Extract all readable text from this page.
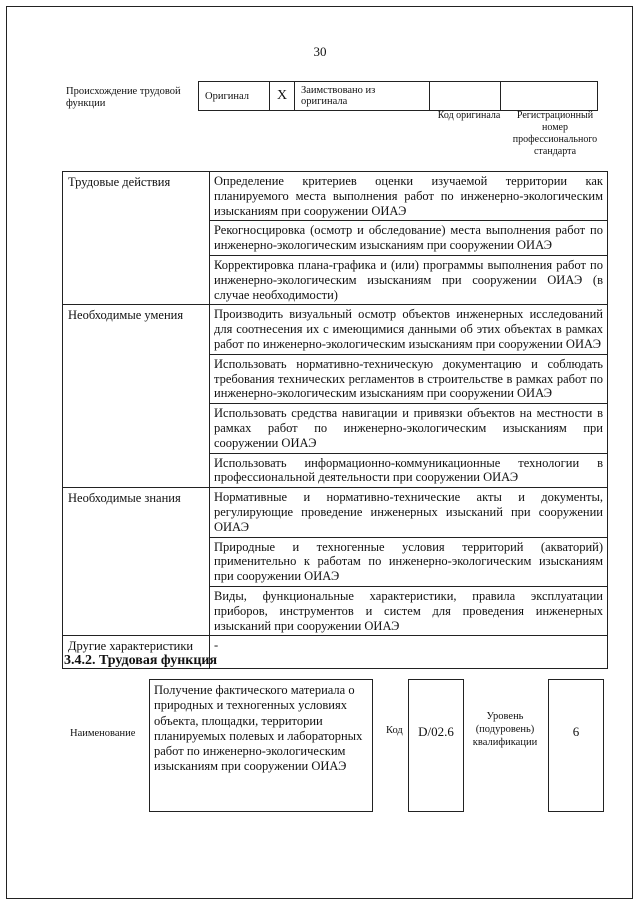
30
Происхождение трудовой функции
Оригинал	X	Заимствовано из оригинала		
Код оригинала	Регистрационный номер профессионального стандарта
Трудовые действия	Определение критериев оценки изучаемой территории как планируемого места выполнения работ по инженерно-экологическим изысканиям при сооружении ОИАЭ
	Рекогносцировка (осмотр и обследование) места выполнения работ по инженерно-экологическим изысканиям при сооружении ОИАЭ
	Корректировка плана-графика и (или) программы выполнения работ по инженерно-экологическим изысканиям при сооружении ОИАЭ (в случае необходимости)
Необходимые умения	Производить визуальный осмотр объектов инженерных исследований для соотнесения их с имеющимися данными об этих объектах в рамках работ по инженерно-экологическим изысканиям при сооружении ОИАЭ
	Использовать нормативно-техническую документацию и соблюдать требования технических регламентов в строительстве в рамках работ по инженерно-экологическим изысканиям при сооружении ОИАЭ
	Использовать средства навигации и привязки объектов на местности в рамках работ по инженерно-экологическим изысканиям при сооружении ОИАЭ
	Использовать информационно-коммуникационные технологии в профессиональной деятельности при сооружении ОИАЭ
Необходимые знания	Нормативные и нормативно-технические акты и документы, регулирующие проведение инженерных изысканий при сооружении ОИАЭ
	Природные и техногенные условия территорий (акваторий) применительно к работам по инженерно-экологическим изысканиям при сооружении ОИАЭ
	Виды, функциональные характеристики, правила эксплуатации приборов, инструментов и систем для проведения инженерных изысканий при сооружении ОИАЭ
Другие характеристики	-
3.4.2. Трудовая функция
Наименование
Получение фактического материала о природных и техногенных условиях объекта, площадки, территории планируемых полевых и лабораторных работ по инженерно-экологическим изысканиям при сооружении ОИАЭ
Код	D/02.6
Уровень (подуровень) квалификации
6
